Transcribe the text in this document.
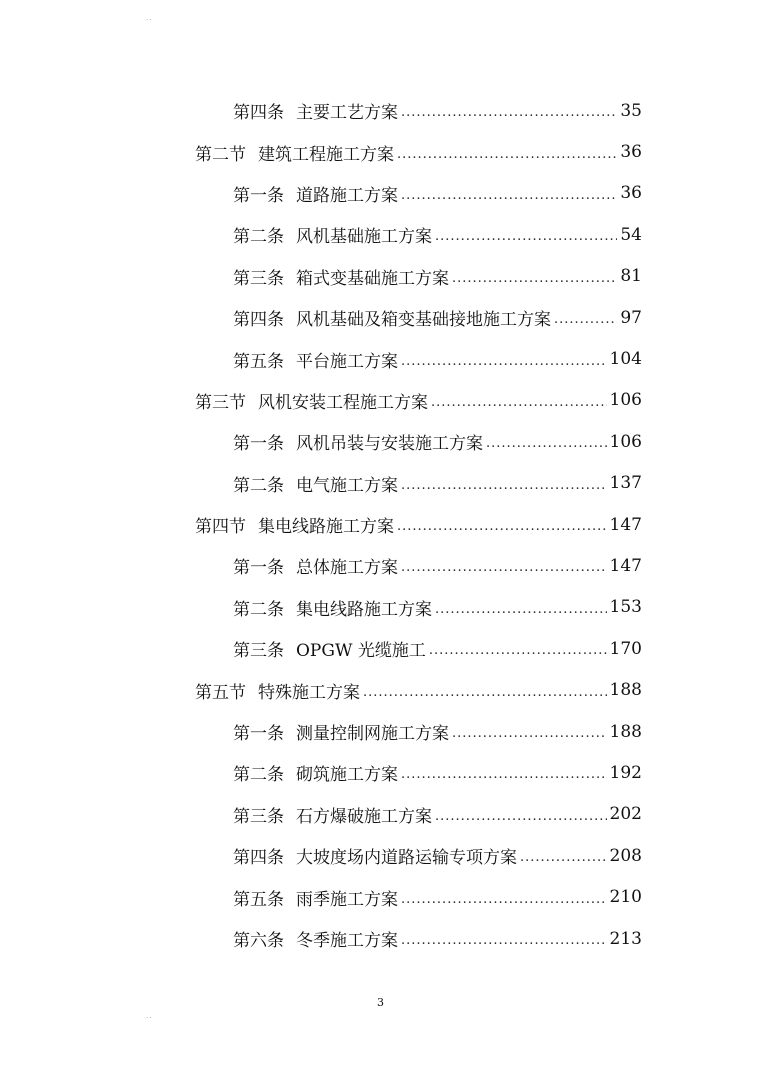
..
第四条 主要工艺方案 .....	35
第二节 建筑工程施工方案 .....	36
第一条 道路施工方案 .....	36
第二条 风机基础施工方案 .....	54
第三条 箱式变基础施工方案 .....	81
第四条 风机基础及箱变基础接地施工方案 .....	97
第五条 平台施工方案 .....	104
第三节 风机安装工程施工方案 .....	106
第一条 风机吊装与安装施工方案 .....	106
第二条 电气施工方案 .....	137
第四节 集电线路施工方案 .....	147
第一条 总体施工方案 .....	147
第二条 集电线路施工方案 .....	153
第三条 OPGW 光缆施工 .....	170
第五节 特殊施工方案 .....	188
第一条 测量控制网施工方案 .....	188
第二条 砌筑施工方案 .....	192
第三条 石方爆破施工方案 .....	202
第四条 大坡度场内道路运输专项方案 .....	208
第五条 雨季施工方案 .....	210
第六条 冬季施工方案 .....	213
3
..
